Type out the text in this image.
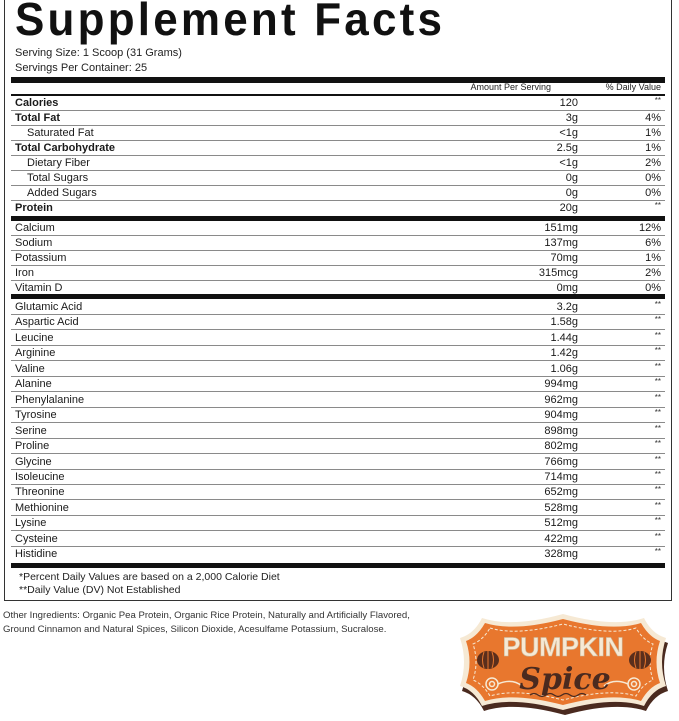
Supplement Facts
Serving Size: 1 Scoop (31 Grams)
Servings Per Container: 25
Amount Per Serving	% Daily Value
Calories	120	**
Total Fat	3g	4%
Saturated Fat	<1g	1%
Total Carbohydrate	2.5g	1%
Dietary Fiber	<1g	2%
Total Sugars	0g	0%
Added Sugars	0g	0%
Protein	20g	**
Calcium	151mg	12%
Sodium	137mg	6%
Potassium	70mg	1%
Iron	315mcg	2%
Vitamin D	0mg	0%
Glutamic Acid	3.2g	**
Aspartic Acid	1.58g	**
Leucine	1.44g	**
Arginine	1.42g	**
Valine	1.06g	**
Alanine	994mg	**
Phenylalanine	962mg	**
Tyrosine	904mg	**
Serine	898mg	**
Proline	802mg	**
Glycine	766mg	**
Isoleucine	714mg	**
Threonine	652mg	**
Methionine	528mg	**
Lysine	512mg	**
Cysteine	422mg	**
Histidine	328mg	**
*Percent Daily Values are based on a 2,000 Calorie Diet
**Daily Value (DV) Not Established
Other Ingredients: Organic Pea Protein, Organic Rice Protein, Naturally and Artificially Flavored, Ground Cinnamon and Natural Spices, Silicon Dioxide, Acesulfame Potassium, Sucralose.
PUMPKIN
Spice
